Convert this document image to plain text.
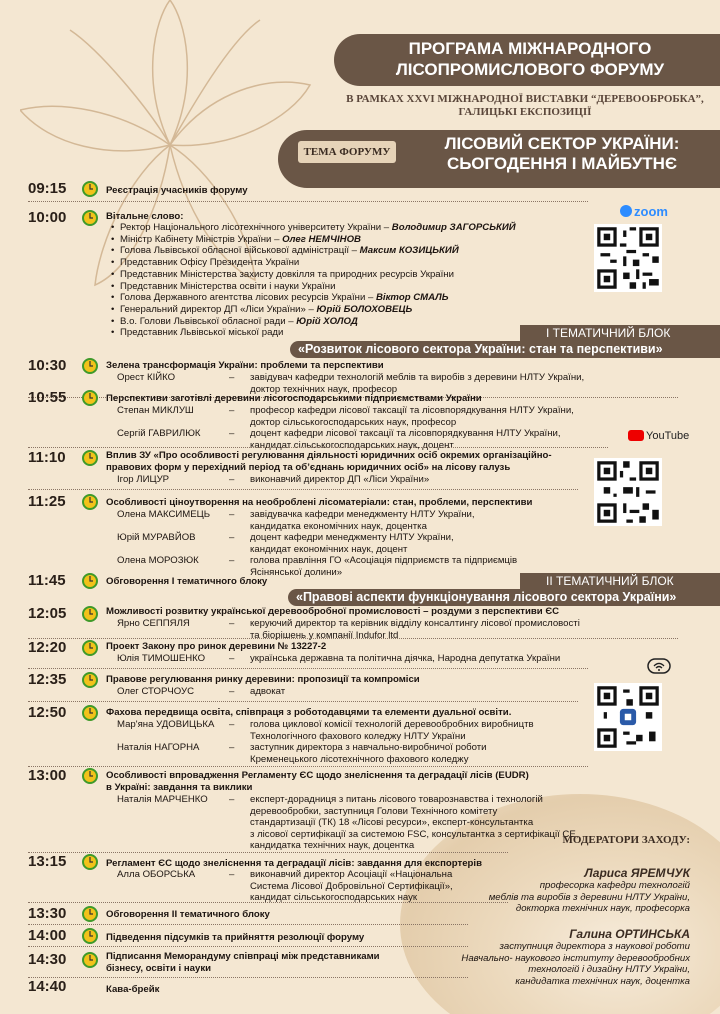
ПРОГРАМА МІЖНАРОДНОГО
ЛІСОПРОМИСЛОВОГО ФОРУМУ
В РАМКАХ XXVI МІЖНАРОДНОЇ ВИСТАВКИ “ДЕРЕВООБРОБКА”,
ГАЛИЦЬКІ ЕКСПОЗИЦІЇ
ТЕМА ФОРУМУ	ЛІСОВИЙ СЕКТОР УКРАЇНИ:
СЬОГОДЕННЯ І МАЙБУТНЄ
09:15	Реєстрація учасників форуму
10:00	Вітальне слово:
• Ректор Національного лісотехнічного університету України – Володимир ЗАГОРСЬКИЙ
• Міністр Кабінету Міністрів України – Олег НЕМЧІНОВ
• Голова Львівської обласної військової адміністрації – Максим КОЗИЦЬКИЙ
• Представник Офісу Президента України
• Представник Міністерства захисту довкілля та природних ресурсів України
• Представник Міністерства освіти і науки України
• Голова Державного агентства лісових ресурсів України – Віктор СМАЛЬ
• Генеральний директор ДП «Ліси України» – Юрій БОЛОХОВЕЦЬ
• В.о. Голови Львівської обласної ради – Юрій ХОЛОД
• Представник Львівської міської ради
zoom
І ТЕМАТИЧНИЙ БЛОК
«Розвиток лісового сектора України: стан та перспективи»
10:30	Зелена трансформація України: проблеми та перспективи
Орест КІЙКО	– завідувач кафедри технологій меблів та виробів з деревини НЛТУ України,
доктор технічних наук, професор
10:55	Перспективи заготівлі деревини лісогосподарськими підприємствами України
Степан МИКЛУШ	– професор кафедри лісової таксації та лісовпорядкування НЛТУ України,
доктор сільськогосподарських наук, професор
Сергій ГАВРИЛЮК	– доцент кафедри лісової таксації та лісовпорядкування НЛТУ України,
кандидат сільськогосподарських наук, доцент
YouTube
11:10	Вплив ЗУ «Про особливості регулювання діяльності юридичних осіб окремих організаційно-
правових форм у перехідний період та об’єднань юридичних осіб» на лісову галузь
Ігор ЛИЦУР	– виконавчий директор ДП «Ліси України»
11:25	Особливості ціноутворення на необроблені лісоматеріали: стан, проблеми, перспективи
Олена МАКСИМЕЦЬ – завідувачка кафедри менеджменту НЛТУ України,
кандидатка економічних наук, доцентка
Юрій МУРАВЙОВ	– доцент кафедри менеджменту НЛТУ України,
кандидат економічних наук, доцент
Олена МОРОЗЮК	– голова правління ГО «Асоціація підприємств та підприємців
Ясінянської долини»
11:45	Обговорення І тематичного блоку	ІІ ТЕМАТИЧНИЙ БЛОК
«Правові аспекти функціонування лісового сектора України»
12:05	Можливості розвитку української деревообробної промисловості – роздуми з перспективи ЄС
Ярно СЕППЯЛЯ	– керуючий директор та керівник відділу консалтингу лісової промисловості
та біорішень у компанії Indufor ltd
12:20	Проект Закону про ринок деревини № 13227-2
Юлія ТИМОШЕНКО – українська державна та політична діячка, Народна депутатка України
12:35	Правове регулювання ринку деревини: пропозиції та компроміси
Олег СТОРЧОУС	– адвокат
12:50	Фахова передвища освіта, співпраця з роботодавцями та елементи дуальної освіти.
Мар'яна УДОВИЦЬКА – голова циклової комісії технологій деревообробних виробництв
Технологічного фахового коледжу НЛТУ України
Наталія НАГОРНА	– заступник директора з навчально-виробничої роботи
Кременецького лісотехнічного фахового коледжу
13:00	Особливості впровадження Регламенту ЄС щодо знеліснення та деградації лісів (EUDR)
в Україні: завдання та виклики
Наталія МАРЧЕНКО – експерт-дорадниця з питань лісового товарознавства і технологій
деревообробки, заступниця Голови Технічного комітету
стандартизації (ТК) 18 «Лісові ресурси», експерт-консультантка
з лісової сертифікації за системою FSC, консультантка з сертифікації CE,
кандидатка технічних наук, доцентка
13:15	Регламент ЄС щодо знеліснення та деградації лісів: завдання для експортерів
Алла ОБОРСЬКА	– виконавчий директор Асоціації «Національна
Система Лісової Добровільної Сертифікації»,
кандидат сільськогосподарських наук
13:30	Обговорення ІІ тематичного блоку
14:00	Підведення підсумків та прийняття резолюції форуму
14:30	Підписання Меморандуму співпраці між представниками
бізнесу, освіти і науки
14:40	Кава-брейк
МОДЕРАТОРИ ЗАХОДУ:
Лариса ЯРЕМЧУК
професорка кафедри технологій
меблів та виробів з деревини НЛТУ України,
докторка технічних наук, професорка
Галина ОРТИНСЬКА
заступниця директора з наукової роботи
Навчально- наукового інституту деревообробних
технологій і дизайну НЛТУ України,
кандидатка технічних наук, доцентка
